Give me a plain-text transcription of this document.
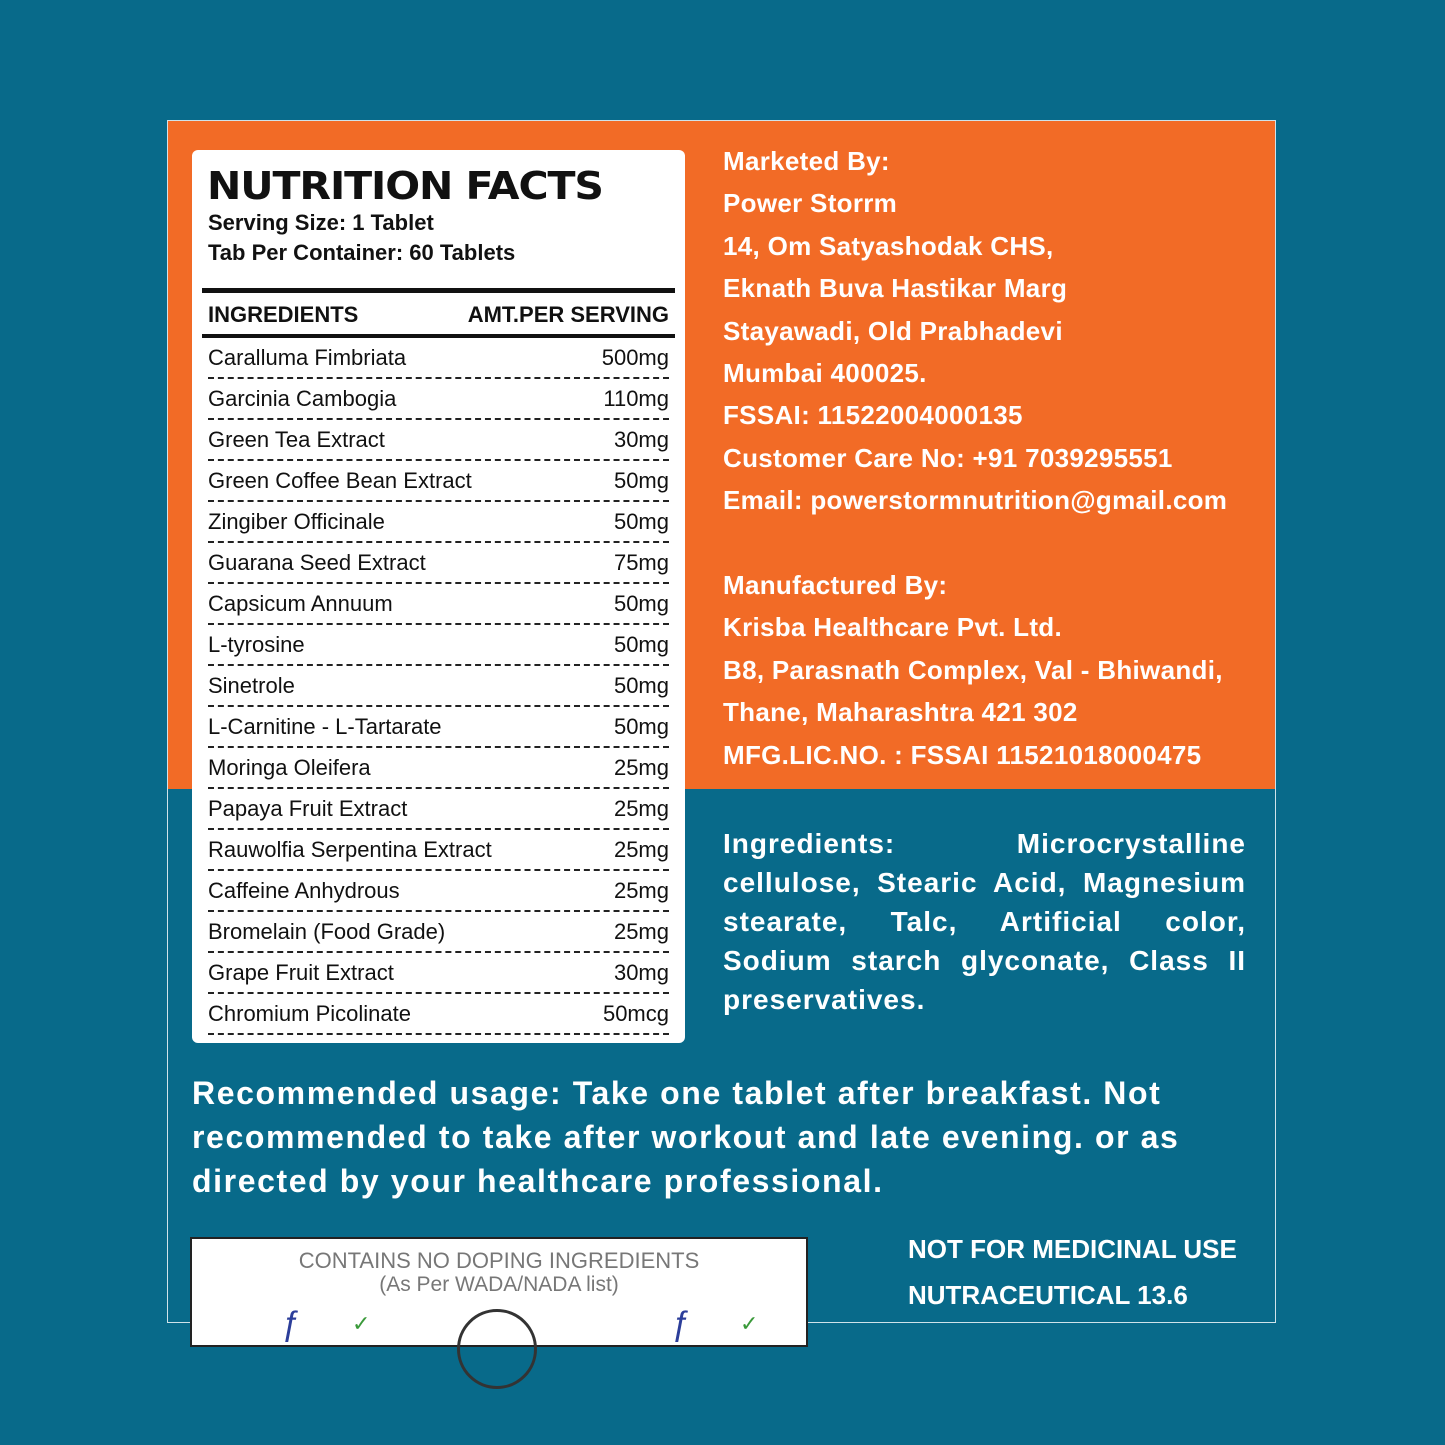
NUTRITION FACTS
Serving Size: 1 Tablet
Tab Per Container: 60 Tablets
INGREDIENTS	AMT.PER SERVING
Caralluma Fimbriata	500mg
Garcinia Cambogia	110mg
Green Tea Extract	30mg
Green Coffee Bean Extract	50mg
Zingiber Officinale	50mg
Guarana Seed Extract	75mg
Capsicum Annuum	50mg
L-tyrosine	50mg
Sinetrole	50mg
L-Carnitine - L-Tartarate	50mg
Moringa Oleifera	25mg
Papaya Fruit Extract	25mg
Rauwolfia Serpentina Extract	25mg
Caffeine Anhydrous	25mg
Bromelain (Food Grade)	25mg
Grape Fruit Extract	30mg
Chromium Picolinate	50mcg
Marketed By:
Power Storrm
14, Om Satyashodak CHS,
Eknath Buva Hastikar Marg
Stayawadi, Old Prabhadevi
Mumbai 400025.
FSSAI: 11522004000135
Customer Care No: +91 7039295551
Email: powerstormnutrition@gmail.com
Manufactured By:
Krisba Healthcare Pvt. Ltd.
B8, Parasnath Complex, Val - Bhiwandi,
Thane, Maharashtra 421 302
MFG.LIC.NO. : FSSAI 11521018000475
Ingredients: Microcrystalline cellulose, Stearic Acid, Magnesium stearate, Talc, Artificial color, Sodium starch glyconate, Class II preservatives.
Recommended usage: Take one tablet after breakfast. Not recommended to take after workout and late evening. or as directed by your healthcare professional.
CONTAINS NO DOPING INGREDIENTS
(As Per WADA/NADA list)
ƒ ✓	ƒ ✓
NOT FOR MEDICINAL USE
NUTRACEUTICAL 13.6
